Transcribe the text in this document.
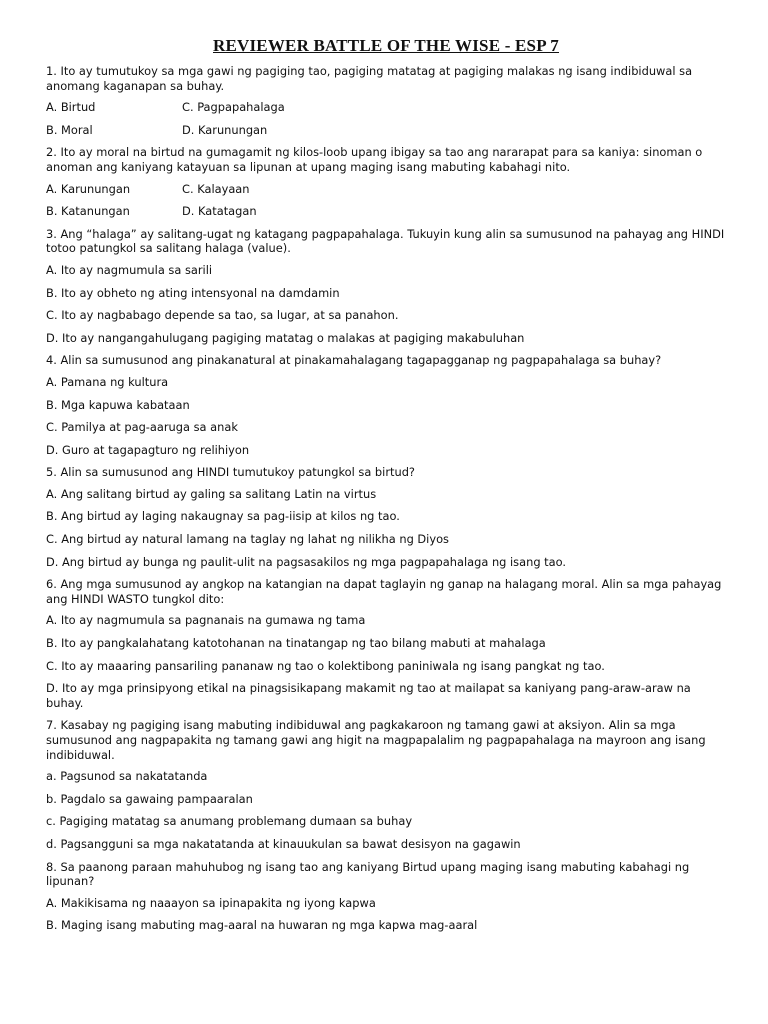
REVIEWER BATTLE OF THE WISE - ESP 7

1. Ito ay tumutukoy sa mga gawi ng pagiging tao, pagiging matatag at pagiging malakas ng isang indibiduwal sa anomang kaganapan sa buhay.

A. Birtud	C. Pagpapahalaga
B. Moral	D. Karunungan

2. Ito ay moral na birtud na gumagamit ng kilos-loob upang ibigay sa tao ang nararapat para sa kaniya: sinoman o anoman ang kaniyang katayuan sa lipunan at upang maging isang mabuting kabahagi nito.

A. Karunungan	C. Kalayaan
B. Katanungan	D. Katatagan

3. Ang “halaga” ay salitang-ugat ng katagang pagpapahalaga. Tukuyin kung alin sa sumusunod na pahayag ang HINDI totoo patungkol sa salitang halaga (value).

A. Ito ay nagmumula sa sarili

B. Ito ay obheto ng ating intensyonal na damdamin

C. Ito ay nagbabago depende sa tao, sa lugar, at sa panahon.

D. Ito ay nangangahulugang pagiging matatag o malakas at pagiging makabuluhan

4. Alin sa sumusunod ang pinakanatural at pinakamahalagang tagapagganap ng pagpapahalaga sa buhay?

A. Pamana ng kultura

B. Mga kapuwa kabataan

C. Pamilya at pag-aaruga sa anak

D. Guro at tagapagturo ng relihiyon

5. Alin sa sumusunod ang HINDI tumutukoy patungkol sa birtud?

A. Ang salitang birtud ay galing sa salitang Latin na virtus

B. Ang birtud ay laging nakaugnay sa pag-iisip at kilos ng tao.

C. Ang birtud ay natural lamang na taglay ng lahat ng nilikha ng Diyos

D. Ang birtud ay bunga ng paulit-ulit na pagsasakilos ng mga pagpapahalaga ng isang tao.

6. Ang mga sumusunod ay angkop na katangian na dapat taglayin ng ganap na halagang moral. Alin sa mga pahayag ang HINDI WASTO tungkol dito:

A. Ito ay nagmumula sa pagnanais na gumawa ng tama

B. Ito ay pangkalahatang katotohanan na tinatangap ng tao bilang mabuti at mahalaga

C. Ito ay maaaring pansariling pananaw ng tao o kolektibong paniniwala ng isang pangkat ng tao.

D. Ito ay mga prinsipyong etikal na pinagsisikapang makamit ng tao at mailapat sa kaniyang pang-araw-araw na buhay.

7. Kasabay ng pagiging isang mabuting indibiduwal ang pagkakaroon ng tamang gawi at aksiyon. Alin sa mga sumusunod ang nagpapakita ng tamang gawi ang higit na magpapalalim ng pagpapahalaga na mayroon ang isang indibiduwal.

a. Pagsunod sa nakatatanda

b. Pagdalo sa gawaing pampaaralan

c. Pagiging matatag sa anumang problemang dumaan sa buhay

d. Pagsangguni sa mga nakatatanda at kinauukulan sa bawat desisyon na gagawin

8. Sa paanong paraan mahuhubog ng isang tao ang kaniyang Birtud upang maging isang mabuting kabahagi ng lipunan?

A. Makikisama ng naaayon sa ipinapakita ng iyong kapwa

B. Maging isang mabuting mag-aaral na huwaran ng mga kapwa mag-aaral
